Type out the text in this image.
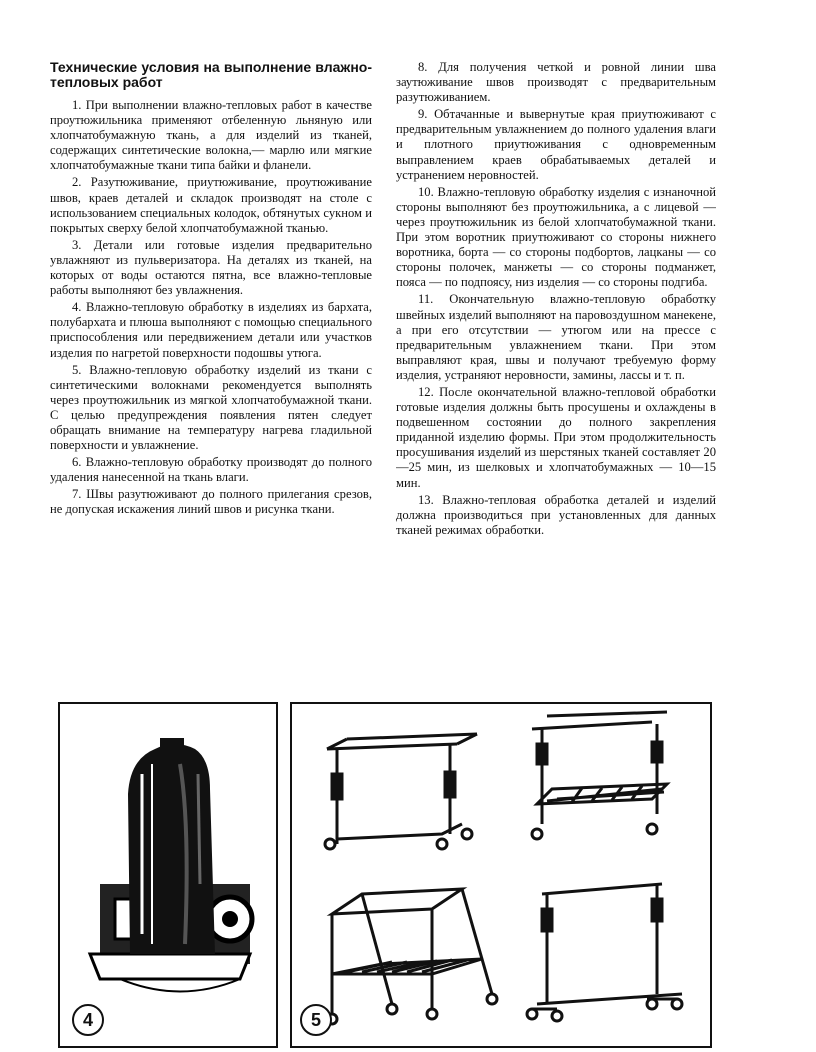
Технические условия на выполнение влажно-тепловых работ

1. При выполнении влажно-тепловых работ в качестве проутюжильника применяют отбеленную льняную или хлопчатобумажную ткань, а для изделий из тканей, содержащих синтетические волокна,— марлю или мягкие хлопчатобумажные ткани типа байки и фланели.

2. Разутюживание, приутюживание, проутюживание швов, краев деталей и складок производят на столе с использованием специальных колодок, обтянутых сукном и покрытых сверху белой хлопчатобумажной тканью.

3. Детали или готовые изделия предварительно увлажняют из пульверизатора. На деталях из тканей, на которых от воды остаются пятна, все влажно-тепловые работы выполняют без увлажнения.

4. Влажно-тепловую обработку в изделиях из бархата, полубархата и плюша выполняют с помощью специального приспособления или передвижением детали или участков изделия по нагретой поверхности подошвы утюга.

5. Влажно-тепловую обработку изделий из ткани с синтетическими волокнами рекомендуется выполнять через проутюжильник из мягкой хлопчатобумажной ткани. С целью предупреждения появления пятен следует обращать внимание на температуру нагрева гладильной поверхности и увлажнение.

6. Влажно-тепловую обработку производят до полного удаления нанесенной на ткань влаги.

7. Швы разутюживают до полного прилегания срезов, не допуская искажения линий швов и рисунка ткани.

8. Для получения четкой и ровной линии шва заутюживание швов производят с предварительным разутюживанием.

9. Обтачанные и вывернутые края приутюживают с предварительным увлажнением до полного удаления влаги и плотного приутюживания с одновременным выправлением краев обрабатываемых деталей и устранением неровностей.

10. Влажно-тепловую обработку изделия с изнаночной стороны выполняют без проутюжильника, а с лицевой — через проутюжильник из белой хлопчатобумажной ткани. При этом воротник приутюживают со стороны нижнего воротника, борта — со стороны подбортов, лацканы — со стороны полочек, манжеты — со стороны подманжет, пояса — по подпоясу, низ изделия — со стороны подгиба.

11. Окончательную влажно-тепловую обработку швейных изделий выполняют на паровоздушном манекене, а при его отсутствии — утюгом или на прессе с предварительным увлажнением ткани. При этом выправляют края, швы и получают требуемую форму изделия, устраняют неровности, замины, лассы и т. п.

12. После окончательной влажно-тепловой обработки готовые изделия должны быть просушены и охлаждены в подвешенном состоянии до полного закрепления приданной изделию формы. При этом продолжительность просушивания изделий из шерстяных тканей составляет 20—25 мин, из шелковых и хлопчатобумажных — 10—15 мин.

13. Влажно-тепловая обработка деталей и изделий должна производиться при установленных для данных тканей режимах обработки.

4	5
